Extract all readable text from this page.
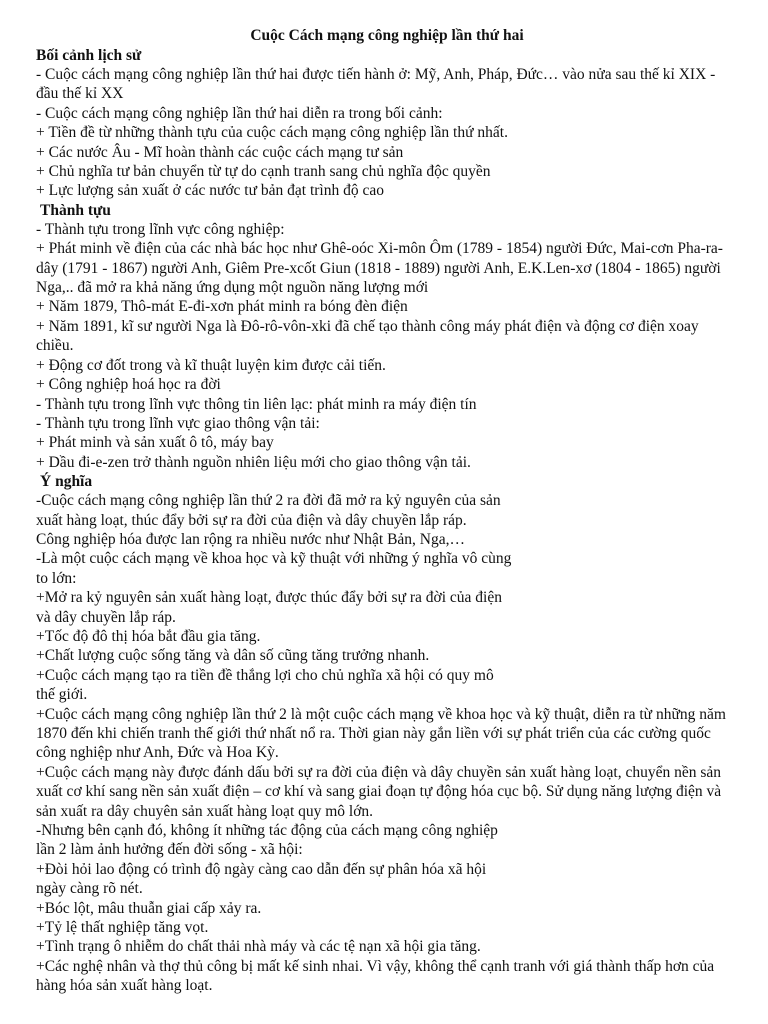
Cuộc Cách mạng công nghiệp lần thứ hai

Bối cảnh lịch sử

- Cuộc cách mạng công nghiệp lần thứ hai được tiến hành ở: Mỹ, Anh, Pháp, Đức… vào nửa sau thế kỉ XIX - đầu thế kỉ XX

- Cuộc cách mạng công nghiệp lần thứ hai diễn ra trong bối cảnh:

+ Tiền đề từ những thành tựu của cuộc cách mạng công nghiệp lần thứ nhất.

+ Các nước Âu - Mĩ hoàn thành các cuộc cách mạng tư sản

+ Chủ nghĩa tư bản chuyển từ tự do cạnh tranh sang chủ nghĩa độc quyền

+ Lực lượng sản xuất ở các nước tư bản đạt trình độ cao

Thành tựu

- Thành tựu trong lĩnh vực công nghiệp:

+ Phát minh về điện của các nhà bác học như Ghê-oóc Xi-môn Ôm (1789 - 1854) người Đức, Mai-cơn Pha-ra-dây (1791 - 1867) người Anh, Giêm Pre-xcốt Giun (1818 - 1889) người Anh, E.K.Len-xơ (1804 - 1865) người Nga,.. đã mở ra khả năng ứng dụng một nguồn năng lượng mới

+ Năm 1879, Thô-mát E-đi-xơn phát minh ra bóng đèn điện

+ Năm 1891, kĩ sư người Nga là Đô-rô-vôn-xki đã chế tạo thành công máy phát điện và động cơ điện xoay chiều.

+ Động cơ đốt trong và kĩ thuật luyện kim được cải tiến.

+ Công nghiệp hoá học ra đời

- Thành tựu trong lĩnh vực thông tin liên lạc: phát minh ra máy điện tín

- Thành tựu trong lĩnh vực giao thông vận tải:

+ Phát minh và sản xuất ô tô, máy bay

+ Dầu đi-e-zen trở thành nguồn nhiên liệu mới cho giao thông vận tải.

Ý nghĩa

-Cuộc cách mạng công nghiệp lần thứ 2 ra đời đã mở ra kỷ nguyên của sản xuất hàng loạt, thúc đẩy bởi sự ra đời của điện và dây chuyền lắp ráp.

Công nghiệp hóa được lan rộng ra nhiều nước như Nhật Bản, Nga,…

-Là một cuộc cách mạng về khoa học và kỹ thuật với những ý nghĩa vô cùng to lớn:

+Mở ra kỷ nguyên sản xuất hàng loạt, được thúc đẩy bởi sự ra đời của điện và dây chuyền lắp ráp.

+Tốc độ đô thị hóa bắt đầu gia tăng.

+Chất lượng cuộc sống tăng và dân số cũng tăng trưởng nhanh.

+Cuộc cách mạng tạo ra tiền đề thắng lợi cho chủ nghĩa xã hội có quy mô thế giới.

+Cuộc cách mạng công nghiệp lần thứ 2 là một cuộc cách mạng về khoa học và kỹ thuật, diễn ra từ những năm 1870 đến khi chiến tranh thế giới thứ nhất nổ ra. Thời gian này gắn liền với sự phát triển của các cường quốc công nghiệp như Anh, Đức và Hoa Kỳ.

+Cuộc cách mạng này được đánh dấu bởi sự ra đời của điện và dây chuyền sản xuất hàng loạt, chuyển nền sản xuất cơ khí sang nền sản xuất điện – cơ khí và sang giai đoạn tự động hóa cục bộ. Sử dụng năng lượng điện và sản xuất ra dây chuyên sản xuất hàng loạt quy mô lớn.

-Nhưng bên cạnh đó, không ít những tác động của cách mạng công nghiệp lần 2 làm ảnh hưởng đến đời sống - xã hội:

+Đòi hỏi lao động có trình độ ngày càng cao dẫn đến sự phân hóa xã hội ngày càng rõ nét.

+Bóc lột, mâu thuẫn giai cấp xảy ra.

+Tỷ lệ thất nghiệp tăng vọt.

+Tình trạng ô nhiễm do chất thải nhà máy và các tệ nạn xã hội gia tăng.

+Các nghệ nhân và thợ thủ công bị mất kế sinh nhai. Vì vậy, không thể cạnh tranh với giá thành thấp hơn của hàng hóa sản xuất hàng loạt.
